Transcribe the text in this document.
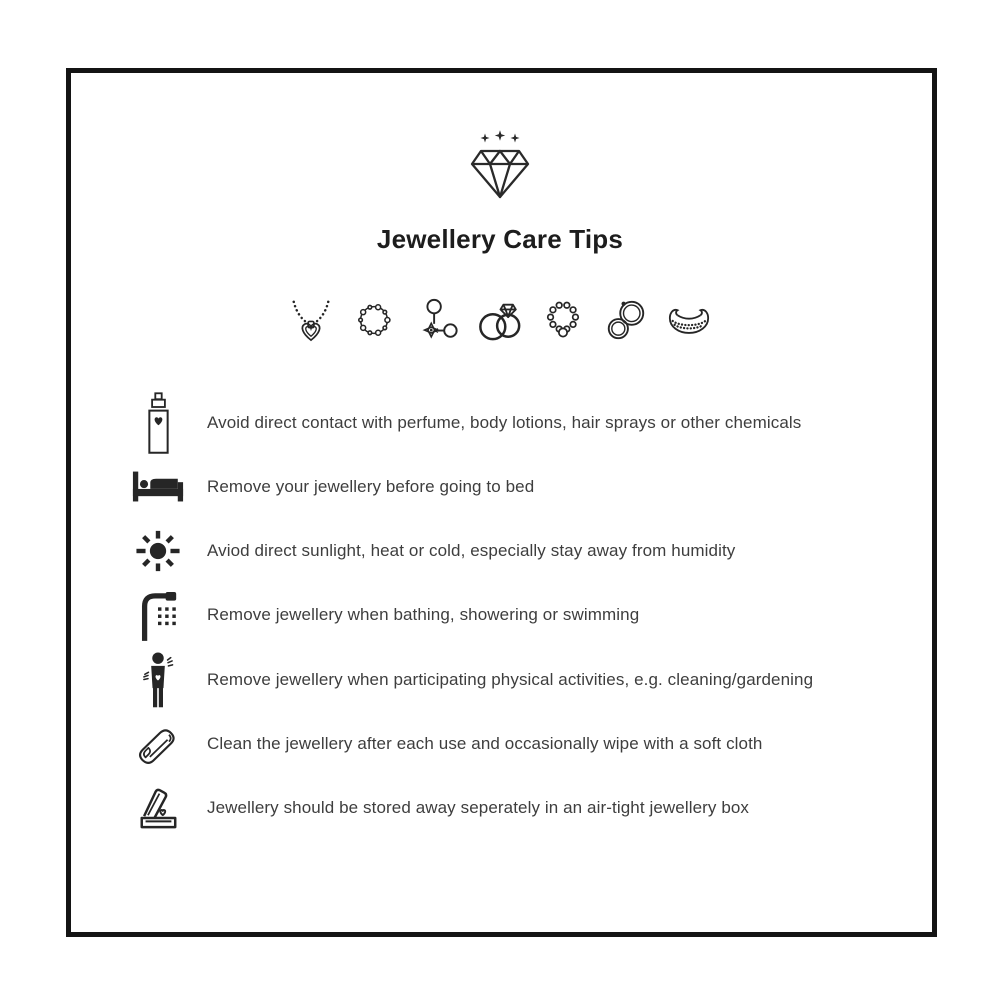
Jewellery Care Tips
Avoid direct contact with perfume, body lotions, hair sprays or other chemicals
Remove your jewellery before going to bed
Aviod direct sunlight, heat or cold, especially stay away from humidity
Remove jewellery when bathing, showering or swimming
Remove jewellery when participating physical activities, e.g. cleaning/gardening
Clean the jewellery after each use and occasionally wipe with a soft cloth
Jewellery should be stored away seperately in an air-tight jewellery box
